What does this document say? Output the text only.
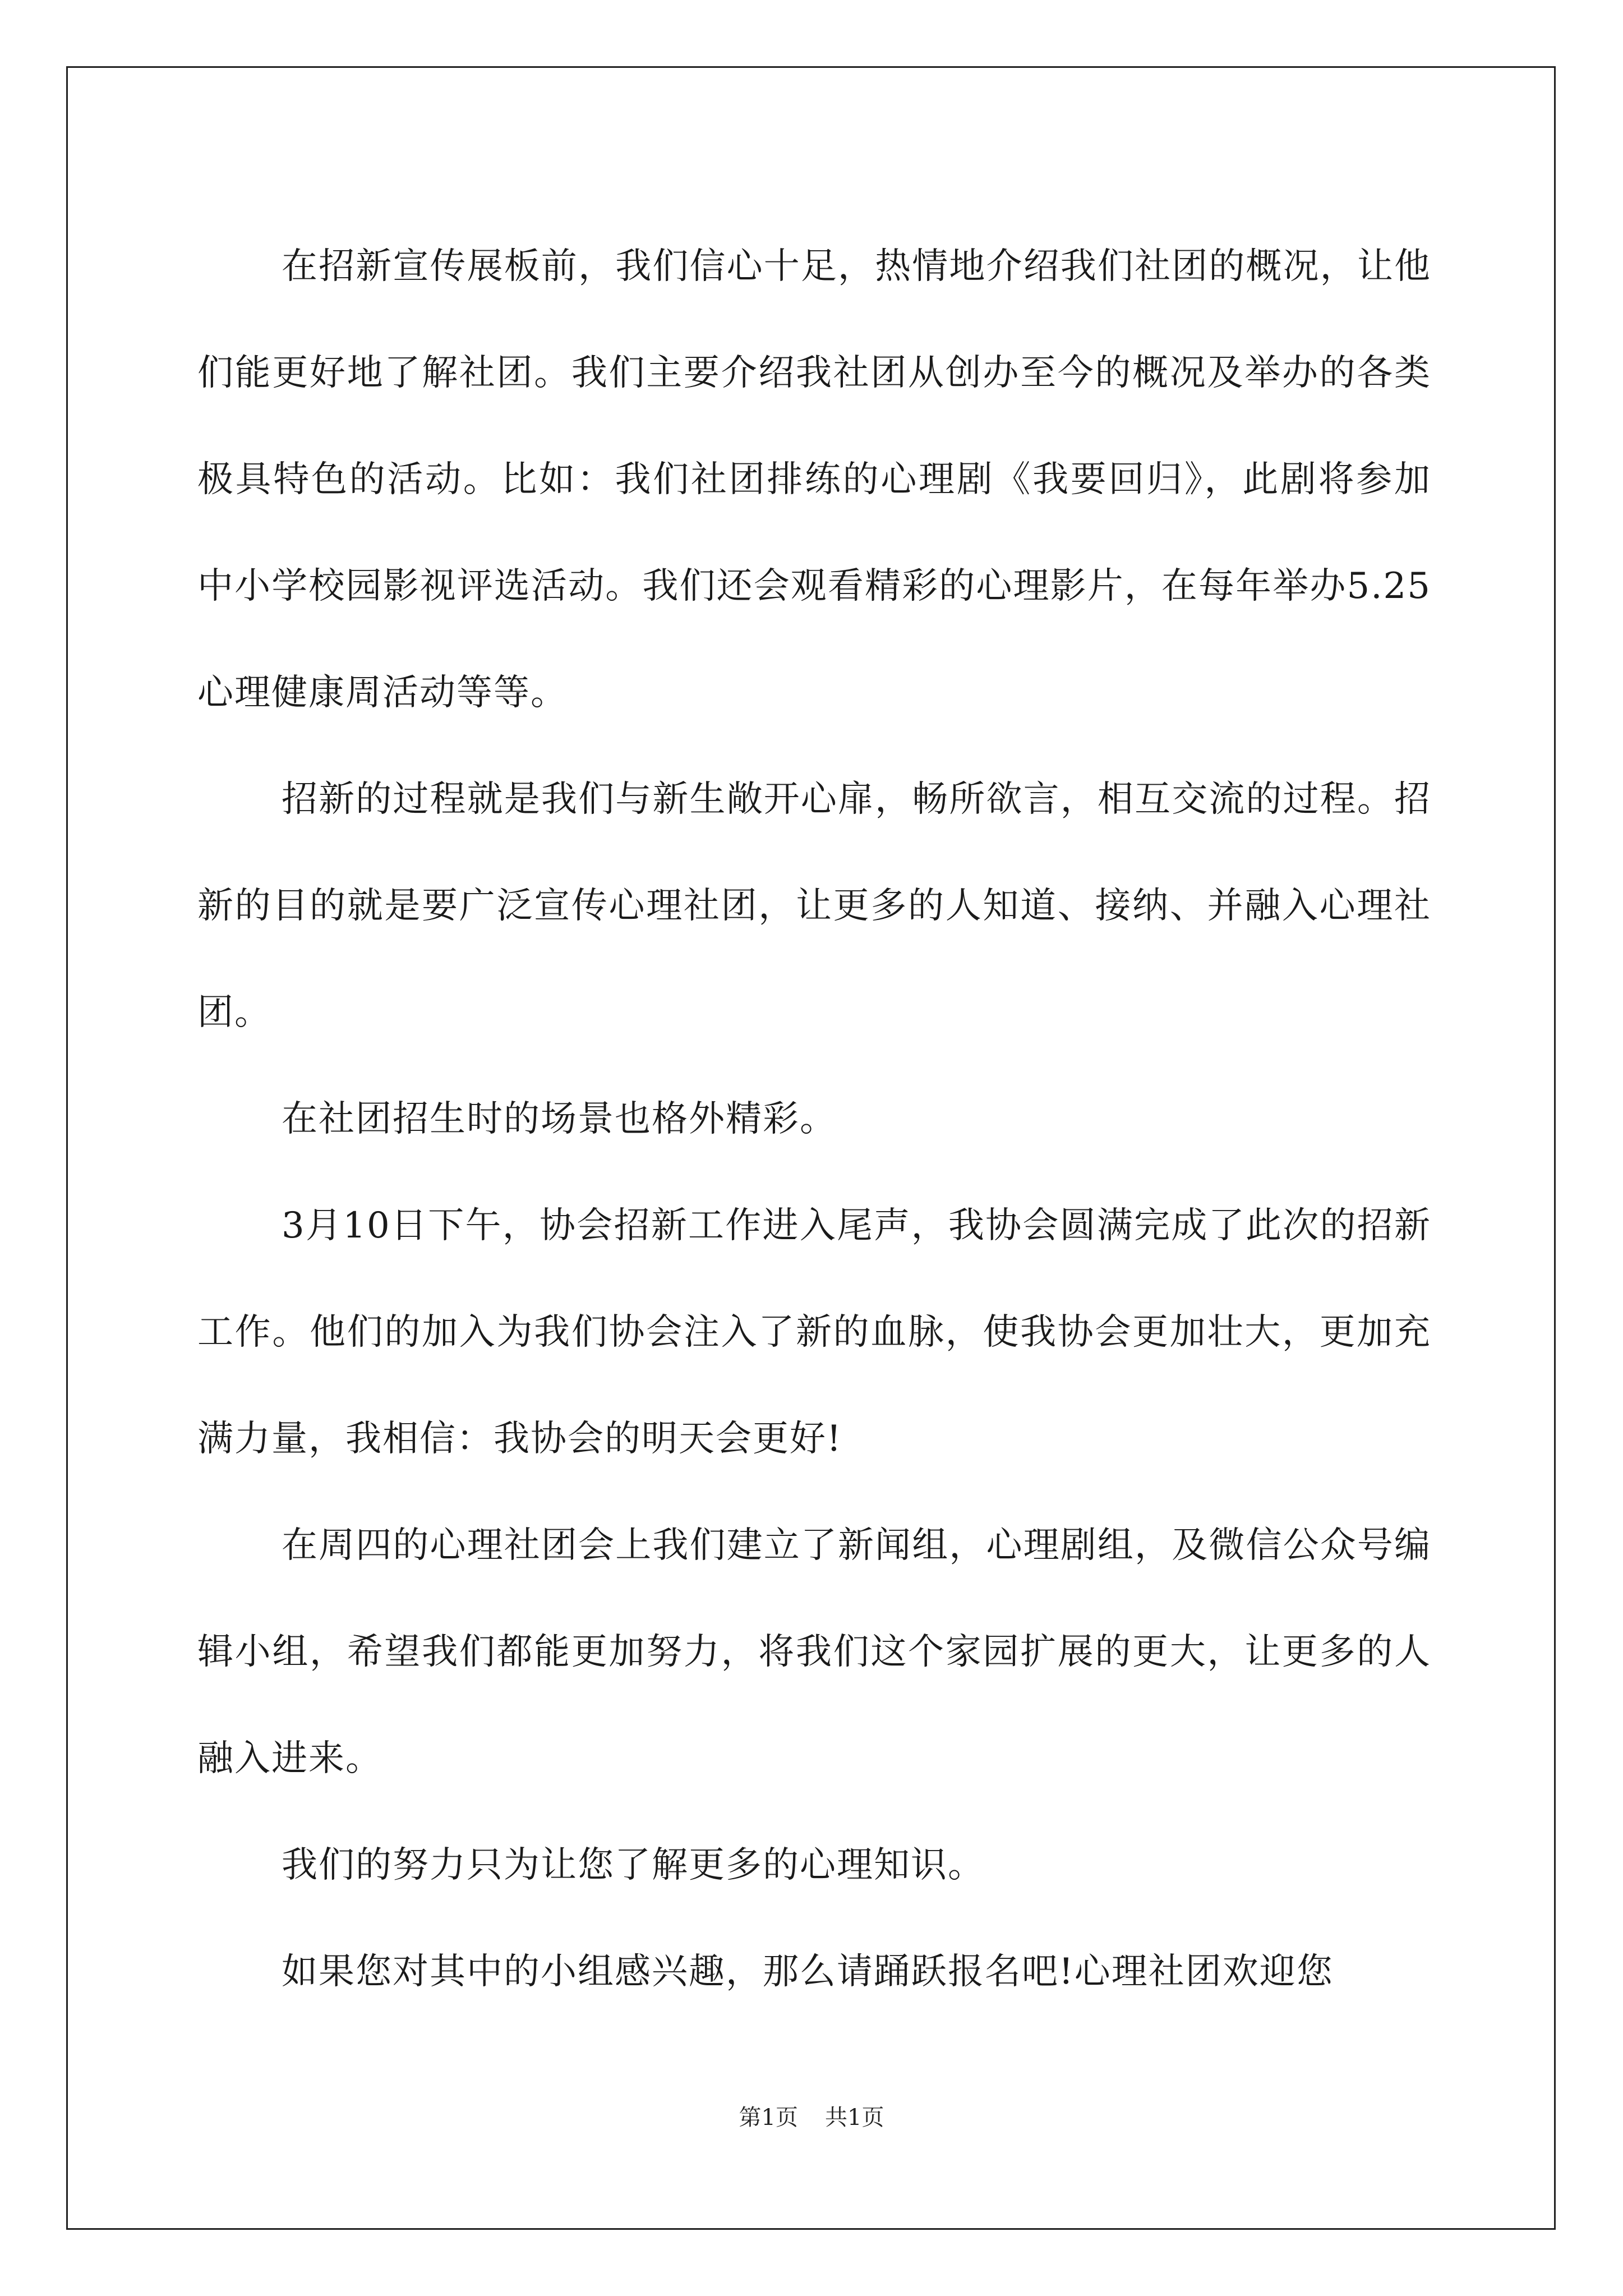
在招新宣传展板前，我们信心十足，热情地介绍我们社团的概况，让他们能更好地了解社团。我们主要介绍我社团从创办至今的概况及举办的各类极具特色的活动。比如：我们社团排练的心理剧《我要回归》，此剧将参加中小学校园影视评选活动。我们还会观看精彩的心理影片，在每年举办5.25心理健康周活动等等。

招新的过程就是我们与新生敞开心扉，畅所欲言，相互交流的过程。招新的目的就是要广泛宣传心理社团，让更多的人知道、接纳、并融入心理社团。

在社团招生时的场景也格外精彩。

3月10日下午，协会招新工作进入尾声，我协会圆满完成了此次的招新工作。他们的加入为我们协会注入了新的血脉，使我协会更加壮大，更加充满力量，我相信：我协会的明天会更好!

在周四的心理社团会上我们建立了新闻组，心理剧组，及微信公众号编辑小组，希望我们都能更加努力，将我们这个家园扩展的更大，让更多的人融入进来。

我们的努力只为让您了解更多的心理知识。

如果您对其中的小组感兴趣，那么请踊跃报名吧!心理社团欢迎您

第1页 共1页
